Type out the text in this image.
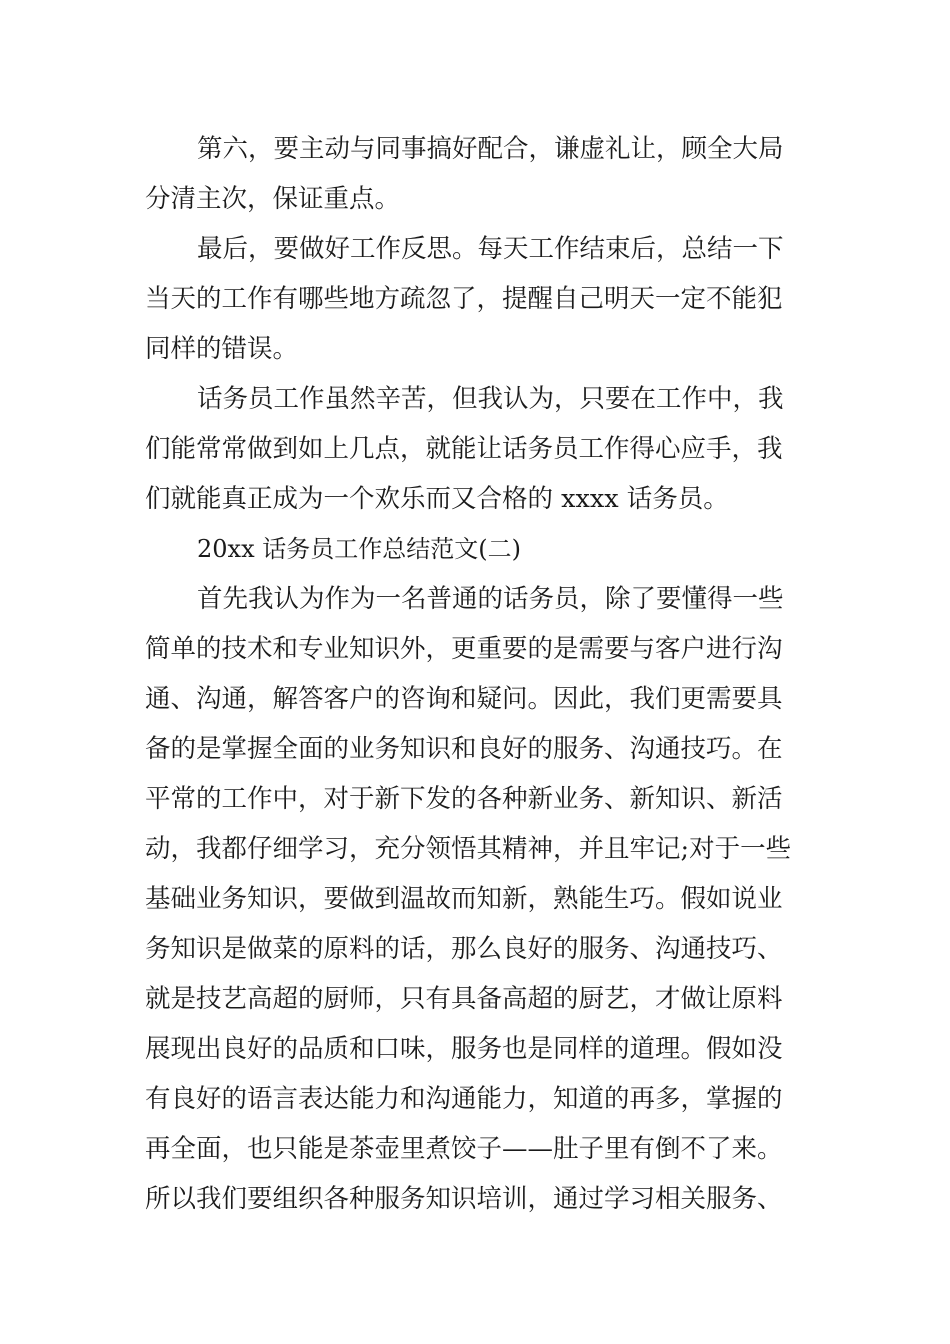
第六，要主动与同事搞好配合，谦虚礼让，顾全大局
分清主次，保证重点。
最后，要做好工作反思。每天工作结束后，总结一下
当天的工作有哪些地方疏忽了，提醒自己明天一定不能犯
同样的错误。
话务员工作虽然辛苦，但我认为，只要在工作中，我
们能常常做到如上几点，就能让话务员工作得心应手，我
们就能真正成为一个欢乐而又合格的 xxxx 话务员。
20xx 话务员工作总结范文(二)
首先我认为作为一名普通的话务员，除了要懂得一些
简单的技术和专业知识外，更重要的是需要与客户进行沟
通、沟通，解答客户的咨询和疑问。因此，我们更需要具
备的是掌握全面的业务知识和良好的服务、沟通技巧。在
平常的工作中，对于新下发的各种新业务、新知识、新活
动，我都仔细学习，充分领悟其精神，并且牢记;对于一些
基础业务知识，要做到温故而知新，熟能生巧。假如说业
务知识是做菜的原料的话，那么良好的服务、沟通技巧、
就是技艺高超的厨师，只有具备高超的厨艺，才做让原料
展现出良好的品质和口味，服务也是同样的道理。假如没
有良好的语言表达能力和沟通能力，知道的再多，掌握的
再全面，也只能是茶壶里煮饺子——肚子里有倒不了来。
所以我们要组织各种服务知识培训，通过学习相关服务、
